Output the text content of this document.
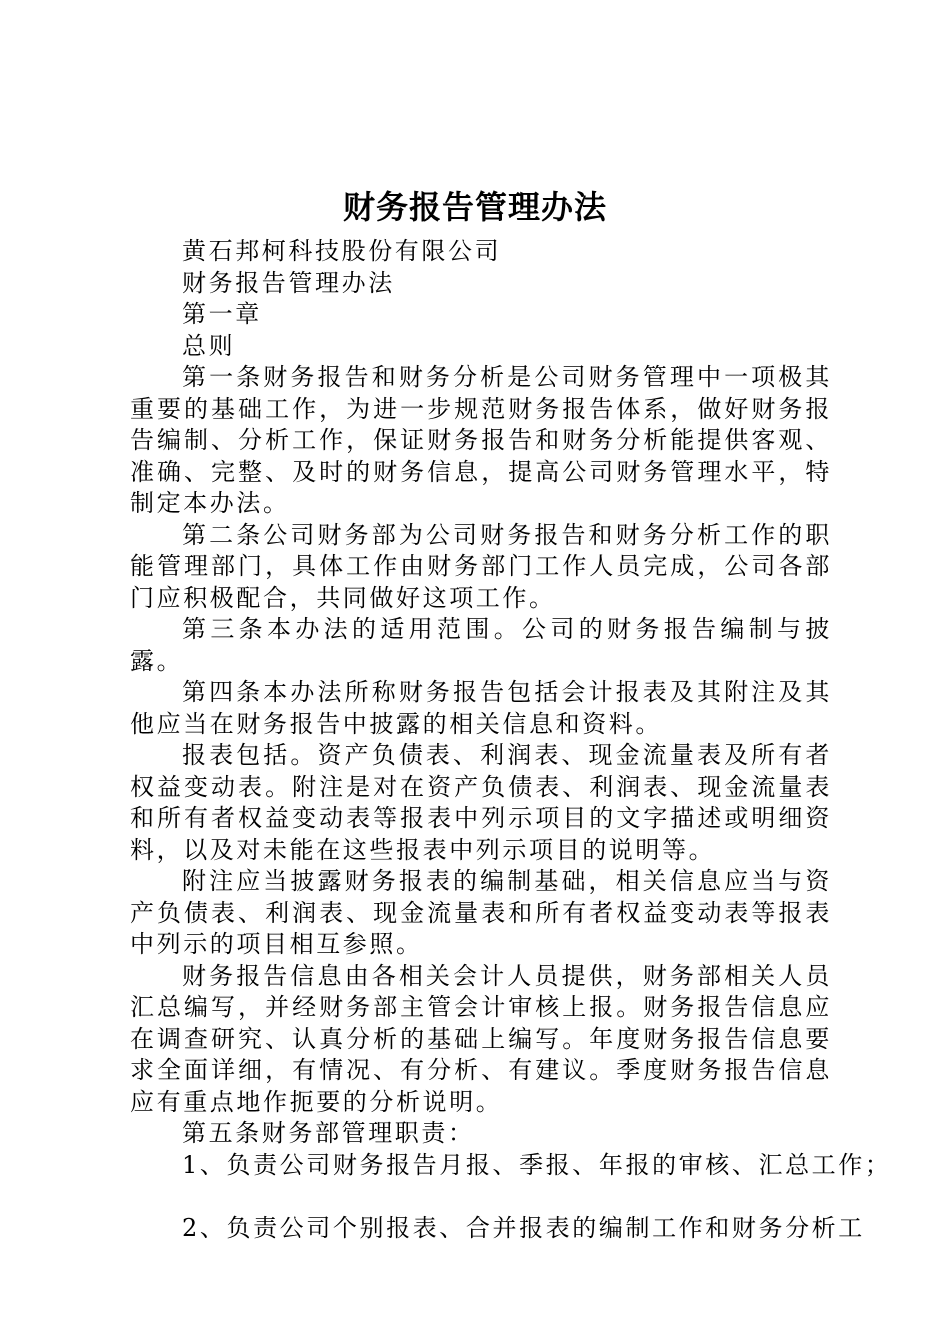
财务报告管理办法

黄石邦柯科技股份有限公司

财务报告管理办法

第一章

总则

第一条财务报告和财务分析是公司财务管理中一项极其重要的基础工作，为进一步规范财务报告体系，做好财务报告编制、分析工作，保证财务报告和财务分析能提供客观、准确、完整、及时的财务信息，提高公司财务管理水平，特制定本办法。

第二条公司财务部为公司财务报告和财务分析工作的职能管理部门，具体工作由财务部门工作人员完成，公司各部门应积极配合，共同做好这项工作。

第三条本办法的适用范围。公司的财务报告编制与披露。

第四条本办法所称财务报告包括会计报表及其附注及其他应当在财务报告中披露的相关信息和资料。

报表包括。资产负债表、利润表、现金流量表及所有者权益变动表。附注是对在资产负债表、利润表、现金流量表和所有者权益变动表等报表中列示项目的文字描述或明细资料，以及对未能在这些报表中列示项目的说明等。

附注应当披露财务报表的编制基础，相关信息应当与资产负债表、利润表、现金流量表和所有者权益变动表等报表中列示的项目相互参照。

财务报告信息由各相关会计人员提供，财务部相关人员汇总编写，并经财务部主管会计审核上报。财务报告信息应在调查研究、认真分析的基础上编写。年度财务报告信息要求全面详细，有情况、有分析、有建议。季度财务报告信息应有重点地作扼要的分析说明。

第五条财务部管理职责：

1、负责公司财务报告月报、季报、年报的审核、汇总工作；

2、负责公司个别报表、合并报表的编制工作和财务分析工
